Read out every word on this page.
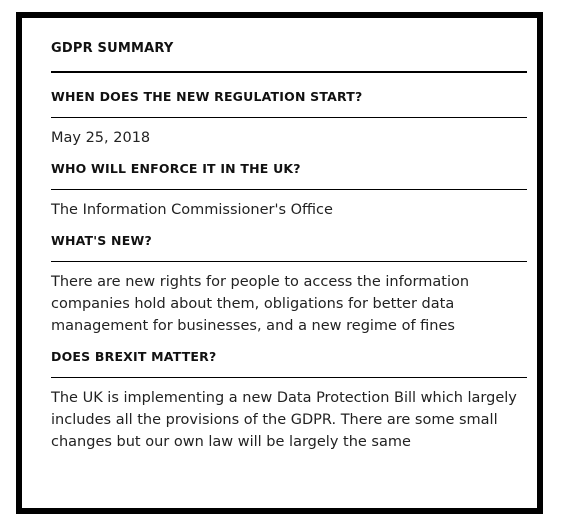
GDPR SUMMARY
WHEN DOES THE NEW REGULATION START?

May 25, 2018

WHO WILL ENFORCE IT IN THE UK?

The Information Commissioner's Office

WHAT'S NEW?

There are new rights for people to access the information companies hold about them, obligations for better data management for businesses, and a new regime of fines

DOES BREXIT MATTER?

The UK is implementing a new Data Protection Bill which largely includes all the provisions of the GDPR. There are some small changes but our own law will be largely the same
